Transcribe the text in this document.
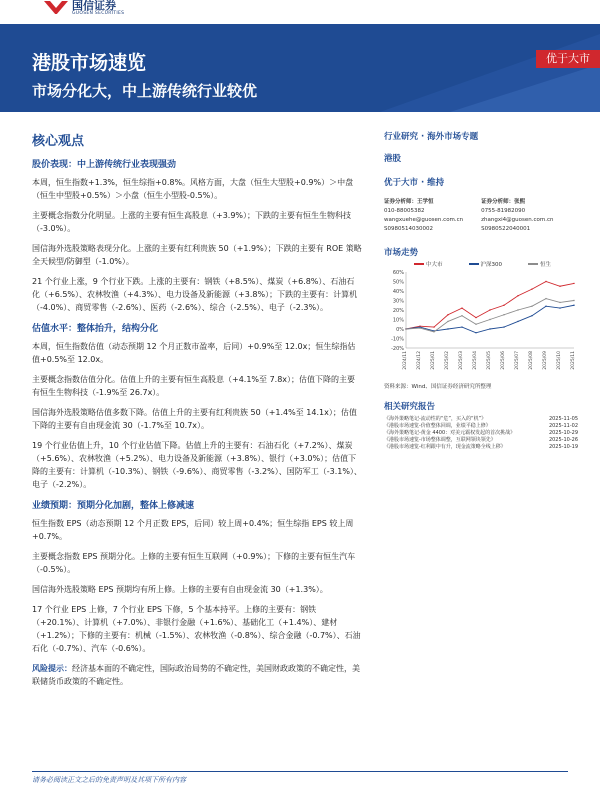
国信证券
GUOSEN SECURITIES
港股市场速览
市场分化大，中上游传统行业较优
优于大市
核心观点
股价表现：中上游传统行业表现强劲

本周，恒生指数+1.3%，恒生综指+0.8%。风格方面，大盘（恒生大型股+0.9%）＞中盘（恒生中型股+0.5%）＞小盘（恒生小型股-0.5%）。

主要概念指数分化明显。上涨的主要有恒生高股息（+3.9%）；下跌的主要有恒生生物科技（-3.0%）。

国信海外选股策略表现分化。上涨的主要有红利贵族 50（+1.9%）；下跌的主要有 ROE 策略全天候型/防御型（-1.0%）。

21 个行业上涨，9 个行业下跌。上涨的主要有：钢铁（+8.5%）、煤炭（+6.8%）、石油石化（+6.5%）、农林牧渔（+4.3%）、电力设备及新能源（+3.8%）；下跌的主要有：计算机（-4.0%）、商贸零售（-2.6%）、医药（-2.6%）、综合（-2.5%）、电子（-2.3%）。

估值水平：整体抬升，结构分化

本周，恒生指数估值（动态预期 12 个月正数市盈率，后同）+0.9%至 12.0x；恒生综指估值+0.5%至 12.0x。

主要概念指数估值分化。估值上升的主要有恒生高股息（+4.1%至 7.8x）；估值下降的主要有恒生生物科技（-1.9%至 26.7x）。

国信海外选股策略估值多数下降。估值上升的主要有红利贵族 50（+1.4%至 14.1x）；估值下降的主要有自由现金流 30（-1.7%至 10.7x）。

19 个行业估值上升，10 个行业估值下降。估值上升的主要有：石油石化（+7.2%）、煤炭（+5.6%）、农林牧渔（+5.2%）、电力设备及新能源（+3.8%）、银行（+3.0%）；估值下降的主要有：计算机（-10.3%）、钢铁（-9.6%）、商贸零售（-3.2%）、国防军工（-3.1%）、电子（-2.2%）。

业绩预期：预期分化加剧，整体上修减速

恒生指数 EPS（动态预期 12 个月正数 EPS，后同）较上周+0.4%；恒生综指 EPS 较上周+0.7%。

主要概念指数 EPS 预期分化。上修的主要有恒生互联网（+0.9%）；下修的主要有恒生汽车（-0.5%）。

国信海外选股策略 EPS 预期均有所上修。上修的主要有自由现金流 30（+1.3%）。

17 个行业 EPS 上修，7 个行业 EPS 下修，5 个基本持平。上修的主要有：钢铁（+20.1%）、计算机（+7.0%）、非银行金融（+1.6%）、基础化工（+1.4%）、建材（+1.2%）；下修的主要有：机械（-1.5%）、农林牧渔（-0.8%）、综合金融（-0.7%）、石油石化（-0.7%）、汽车（-0.6%）。

风险提示：经济基本面的不确定性，国际政治局势的不确定性，美国财政政策的不确定性，美联储货币政策的不确定性。

行业研究 · 海外市场专题
港股
优于大市 · 维持
证券分析师：王学恒
010-88005382
wangxuehe@guosen.com.cn
S0980514030002
证券分析师：张熙
0755-81982090
zhangxi4@guosen.com.cn
S0980522040001
市场走势
中大市	沪深300	恒生
60%
50%
40%
30%
20%
10%
0%
-10%
-20%
2024/11 2024/12 2025/01 2025/02 2025/03 2025/04 2025/05 2025/06 2025/07 2025/08 2025/09 2025/10 2025/11
资料来源：Wind、国信证券经济研究所整理
相关研究报告
《海外策略笔记-流动性的“危”，买入的“机”》	2025-11-05
《港股市场速览-价值整体回调，业绩平稳上修》	2025-11-02
《海外策略笔记-黄金 4400：对美元霸权发起的首次挑战》	2025-10-29
《港股市场速览-市场整体调整，互联网领块领先》	2025-10-26
《港股市场速览-红利跟中有升，现金流策略全线上移》	2025-10-19
请务必阅读正文之后的免责声明及其项下所有内容
